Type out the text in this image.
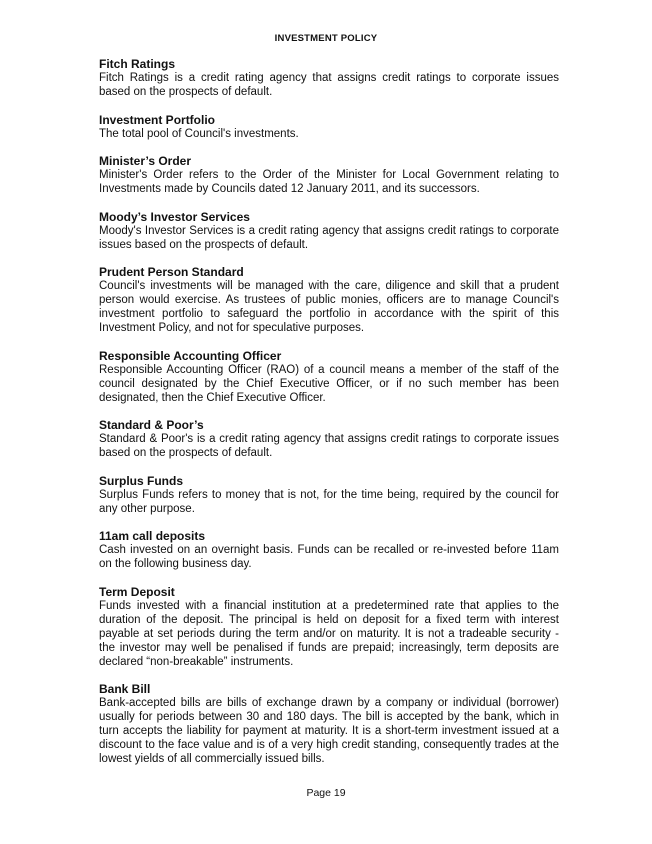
INVESTMENT POLICY
Fitch Ratings
Fitch Ratings is a credit rating agency that assigns credit ratings to corporate issues based on the prospects of default.
Investment Portfolio
The total pool of Council's investments.
Minister’s Order
Minister's Order refers to the Order of the Minister for Local Government relating to Investments made by Councils dated 12 January 2011, and its successors.
Moody’s Investor Services
Moody's Investor Services is a credit rating agency that assigns credit ratings to corporate issues based on the prospects of default.
Prudent Person Standard
Council's investments will be managed with the care, diligence and skill that a prudent person would exercise. As trustees of public monies, officers are to manage Council's investment portfolio to safeguard the portfolio in accordance with the spirit of this Investment Policy, and not for speculative purposes.
Responsible Accounting Officer
Responsible Accounting Officer (RAO) of a council means a member of the staff of the council designated by the Chief Executive Officer, or if no such member has been designated, then the Chief Executive Officer.
Standard & Poor’s
Standard & Poor's is a credit rating agency that assigns credit ratings to corporate issues based on the prospects of default.
Surplus Funds
Surplus Funds refers to money that is not, for the time being, required by the council for any other purpose.
11am call deposits
Cash invested on an overnight basis. Funds can be recalled or re-invested before 11am on the following business day.
Term Deposit
Funds invested with a financial institution at a predetermined rate that applies to the duration of the deposit. The principal is held on deposit for a fixed term with interest payable at set periods during the term and/or on maturity. It is not a tradeable security - the investor may well be penalised if funds are prepaid; increasingly, term deposits are declared “non-breakable” instruments.
Bank Bill
Bank-accepted bills are bills of exchange drawn by a company or individual (borrower) usually for periods between 30 and 180 days. The bill is accepted by the bank, which in turn accepts the liability for payment at maturity. It is a short-term investment issued at a discount to the face value and is of a very high credit standing, consequently trades at the lowest yields of all commercially issued bills.
Page 19
